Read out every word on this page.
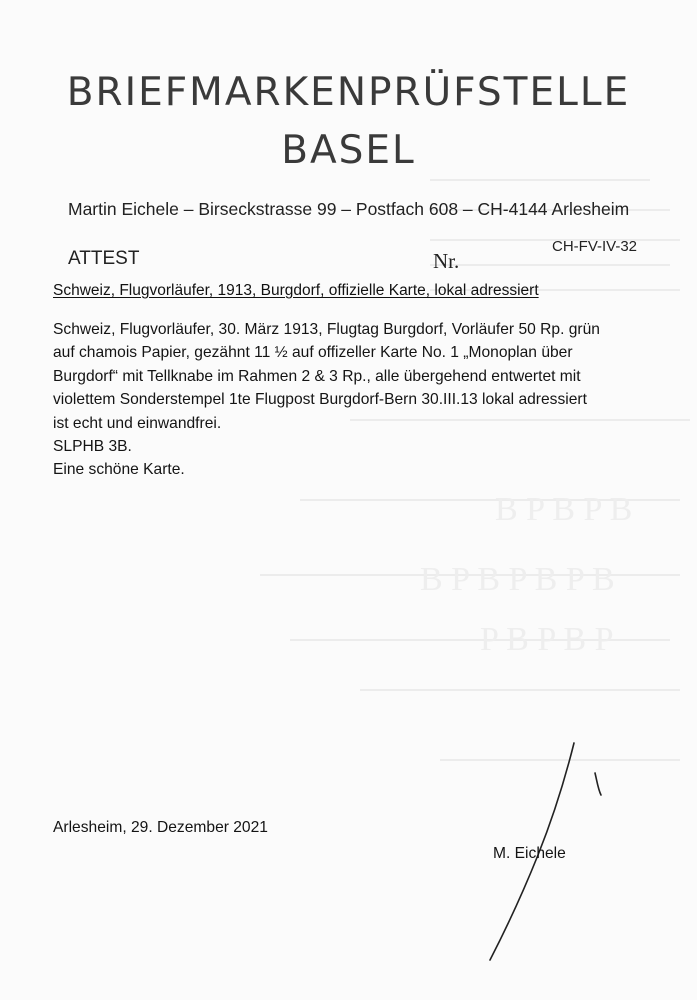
B P B P B
B P B P B P B
P B P B P
BRIEFMARKENPRÜFSTELLE
BASEL
Martin Eichele – Birseckstrasse 99 – Postfach 608 – CH-4144 Arlesheim
ATTEST	Nr.
CH-FV-IV-32
Schweiz, Flugvorläufer, 1913, Burgdorf, offizielle Karte, lokal adressiert

Schweiz, Flugvorläufer, 30. März 1913, Flugtag Burgdorf, Vorläufer 50 Rp. grün

auf chamois Papier, gezähnt 11 ½ auf offizeller Karte No. 1 „Monoplan über

Burgdorf“ mit Tellknabe im Rahmen 2 & 3 Rp., alle übergehend entwertet mit

violettem Sonderstempel 1te Flugpost Burgdorf-Bern 30.III.13 lokal adressiert

ist echt und einwandfrei.

SLPHB 3B.

Eine schöne Karte.

Arlesheim, 29. Dezember 2021
M. Eichele
